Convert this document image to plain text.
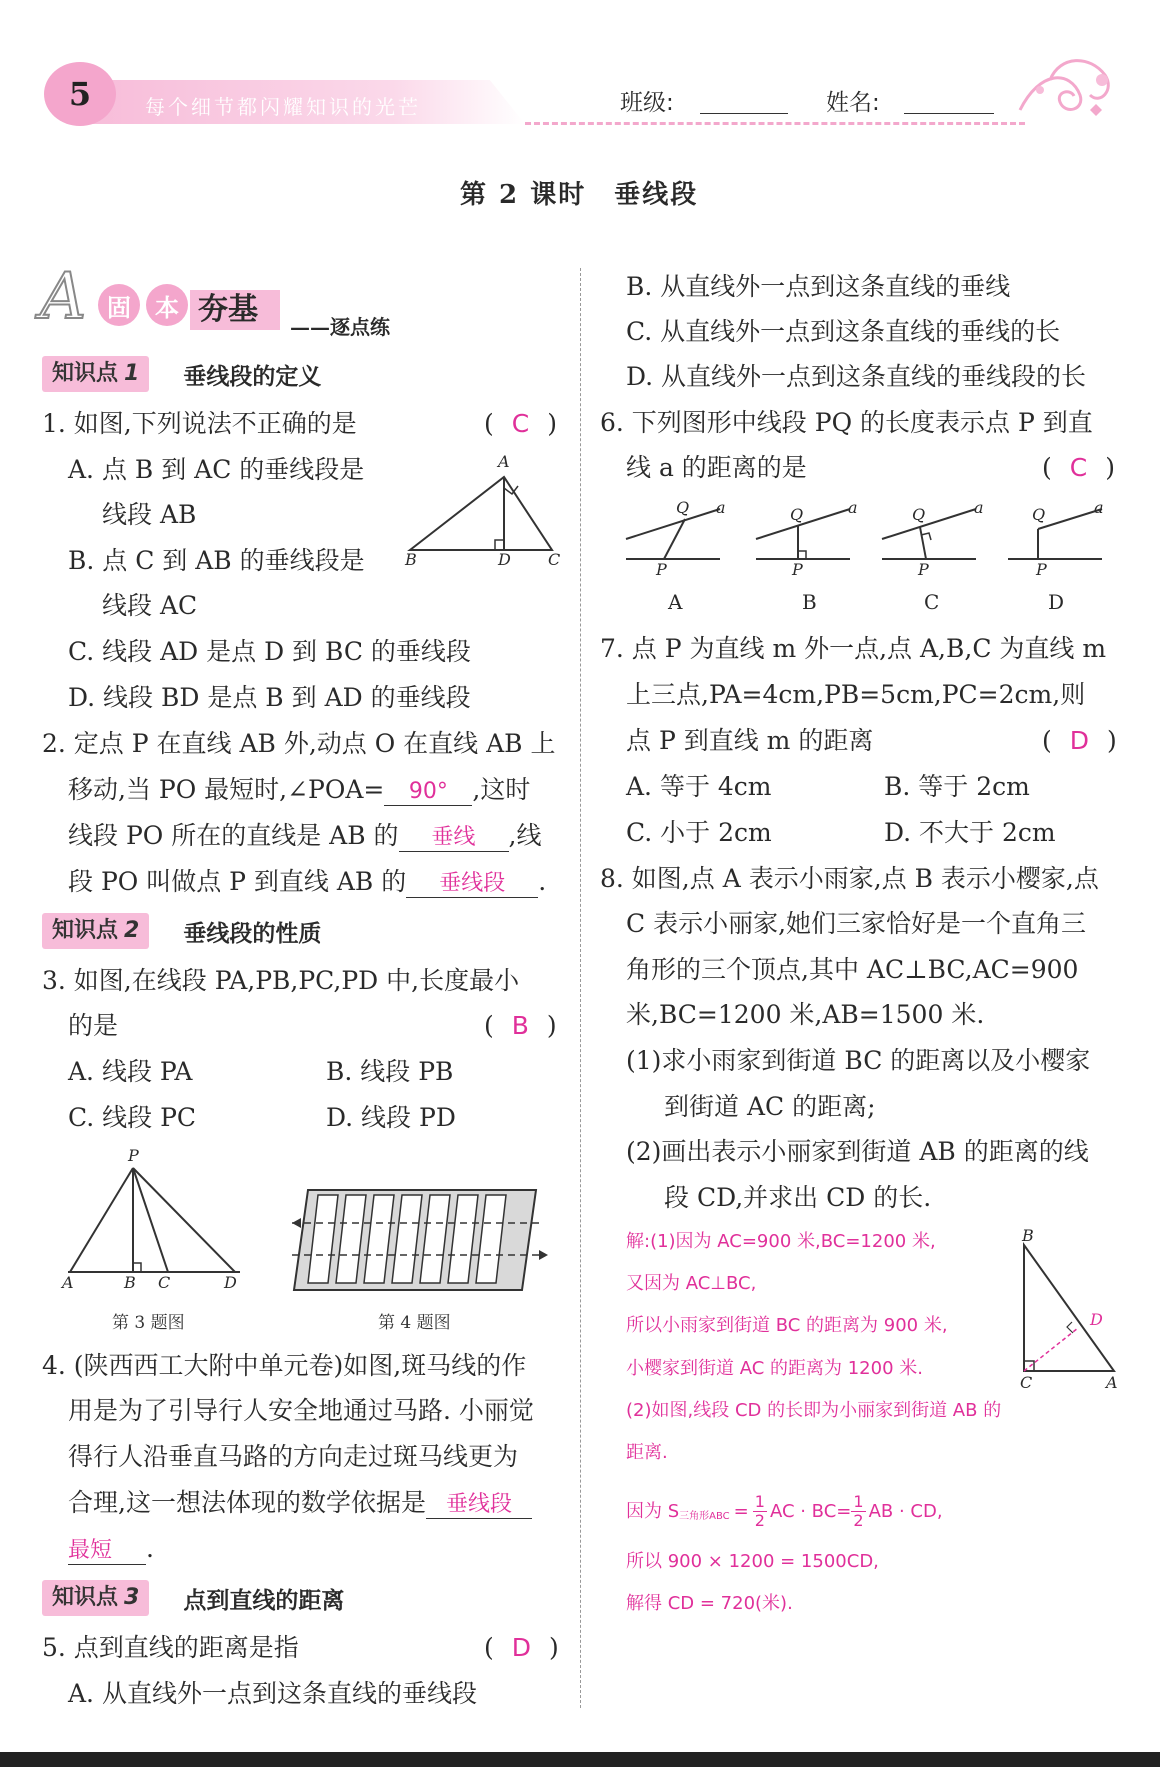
5	每个细节都闪耀知识的光芒	班级:	姓名:
第 2 课时　垂线段
A 固 本 夯基 ——逐点练
知识点 1	垂线段的定义
1. 如图,下列说法不正确的是	( C )
A. 点 B 到 AC 的垂线段是
线段 AB
B. 点 C 到 AB 的垂线段是
线段 AC
C. 线段 AD 是点 D 到 BC 的垂线段
D. 线段 BD 是点 B 到 AD 的垂线段
A
B	D C
2. 定点 P 在直线 AB 外,动点 O 在直线 AB 上
移动,当 PO 最短时,∠POA= 90° ,这时
线段 PO 所在的直线是 AB 的 垂线 ,线
段 PO 叫做点 P 到直线 AB 的 垂线段 .
知识点 2	垂线段的性质
3. 如图,在线段 PA,PB,PC,PD 中,长度最小
的是	( B )
A. 线段 PA	B. 线段 PB
C. 线段 PC	D. 线段 PD
P
A	B C	D
第 3 题图	第 4 题图
4. (陕西西工大附中单元卷)如图,斑马线的作
用是为了引导行人安全地通过马路. 小丽觉
得行人沿垂直马路的方向走过斑马线更为
合理,这一想法体现的数学依据是 垂线段
最短 .
知识点 3	点到直线的距离
5. 点到直线的距离是指	( D )
A. 从直线外一点到这条直线的垂线段
B. 从直线外一点到这条直线的垂线
C. 从直线外一点到这条直线的垂线的长
D. 从直线外一点到这条直线的垂线段的长
6. 下列图形中线段 PQ 的长度表示点 P 到直
线 a 的距离的是	( C )
Q a
P
Q	a
P
Q	a
P
Q	a
P
A	B	C	D
7. 点 P 为直线 m 外一点,点 A,B,C 为直线 m
上三点,PA=4cm,PB=5cm,PC=2cm,则
点 P 到直线 m 的距离	( D )
A. 等于 4cm	B. 等于 2cm
C. 小于 2cm	D. 不大于 2cm
8. 如图,点 A 表示小雨家,点 B 表示小樱家,点
C 表示小丽家,她们三家恰好是一个直角三
角形的三个顶点,其中 AC⊥BC,AC=900
米,BC=1200 米,AB=1500 米.
(1)求小雨家到街道 BC 的距离以及小樱家
到街道 AC 的距离;
(2)画出表示小丽家到街道 AB 的距离的线
段 CD,并求出 CD 的长.
解:(1)因为 AC=900 米,BC=1200 米,
又因为 AC⊥BC,
所以小雨家到街道 BC 的距离为 900 米,
小樱家到街道 AC 的距离为 1200 米.
(2)如图,线段 CD 的长即为小丽家到街道 AB 的
距离.
因为 S 三角形ABC = $\frac{1}{2}$ AC · $BC= \frac{1}{2}$ AB · CD,
所以 900 × 1200 = 1500CD,
解得 CD = 720(米).
B
D
C	A
